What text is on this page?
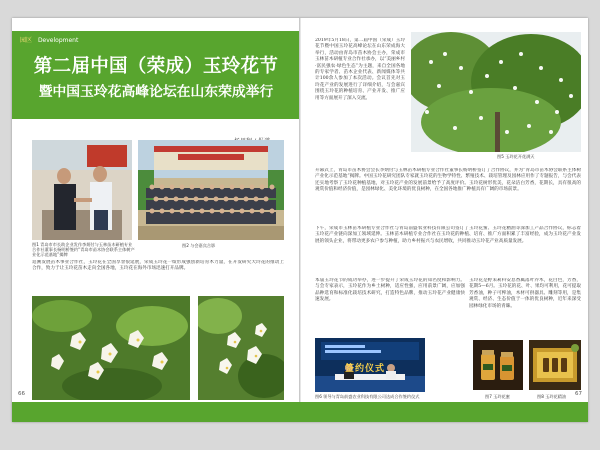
园区 Development
第二届中国（荣成）玉玲花节
暨中国玉玲花高峰论坛在山东荣成举行
图1 青岛市市长助企业发作李炳付与玉林苗木研植专业合作社董事长杨明桥签约“青岛市苗木协会联系主体树产业化示范基地”揭牌
图2 与会嘉宾合影
追溯发展苗木事业合作社，玉玲花在全国享誉很延展，荣成玉玲花一绩形成强创新培育木力量，在开发研究大玲花的推动上合作，致力于让玉玲花苗木走向全国各地，玉玲花在海外市场迅速打开品牌。
66
2019年5月18日，第二届中国（荣成）玉玲花节暨中国玉玲花高峰论坛在山东荣成海大举行，活动由青岛市苗木协会主办，荣成市玉林苗木研植专业合作社承办，以“美丽乡村·富民强农·绿色生态”为主题，来自全国各地的专家学者、苗木企业代表、新闻媒体等共计100余人参加了本次活动。会议首先对玉玲花产业的发展进行了详细介绍，与会嘉宾围绕玉玲花的种植培育、产业开发、推广应用等方面展开了深入交流。
图5 玉玲花开花满天
开幕式上，青岛市苗木协会会长李炳付与玉林苗木研植专业合作社董事长杨明桥签订了合作协议，并为“青岛市苗木协会联系主体树产业化示范基地”揭牌。中国玉玲花研究团队专家就玉玲花的生物学特性、繁殖技术、栽培管理及园林应用作了专题报告，与会代表还实地考察了玉玲花种植基地，对玉玲花产业的发展前景给予了高度评价。玉玲花树形优美，花朵洁白芳香，花期长，具有很高的观赏价值和经济价值，是园林绿化、美化环境的优良树种，在全国各地推广种植具有广阔的市场前景。
下午，荣成市玉林苗木研植专业合作社与青岛前盛农业科技有限公司签订了玉玲花蜜、玉玲花精油等深加工产品合作协议，标志着玉玲花产业链向深加工领域延伸。玉林苗木研植专业合作社在玉玲花的种植、培育、推广方面积累了丰富经验，成为玉玲花产业发展的领头企业，将带动更多农户参与种植，助力乡村振兴与农民增收，共同推动玉玲花产业高质量发展。
本届玉玲花节的成功举办，进一步提升了荣成玉玲花的知名度和影响力。与会专家表示，玉玲花作为乡土树种，适应性强，应用前景广阔，应加强品种选育和标准化栽培技术研究，打造特色品牌，推动玉玲花产业健康快速发展。
玉玲花是野茉莉科安息香属落叶乔木，花白色，芳香，花期5—6月。玉玲花的花、叶、果均可利用，花可提取芳香油，种子可榨油，木材可供器具、雕刻等用，是集观赏、经济、生态价值于一体的优良树种，近年来深受园林绿化市场的青睐。
签约仪式
图6 领导与青岛前盛农业科技有限公司达成合作签约仪式	图7 玉玲花蜜	图8 玉玲花精油 67
